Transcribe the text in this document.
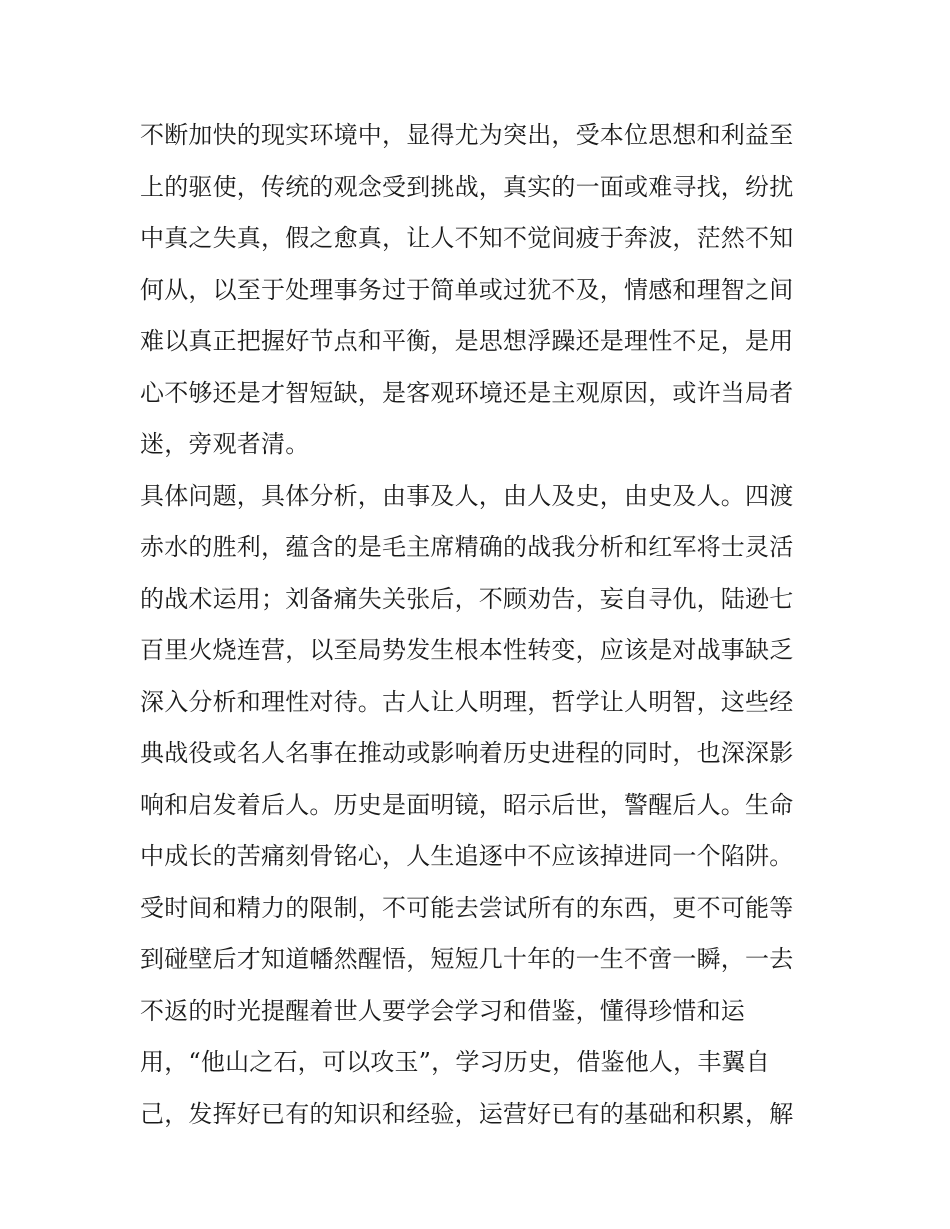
不断加快的现实环境中，显得尤为突出，受本位思想和利益至
上的驱使，传统的观念受到挑战，真实的一面或难寻找，纷扰
中真之失真，假之愈真，让人不知不觉间疲于奔波，茫然不知
何从，以至于处理事务过于简单或过犹不及，情感和理智之间
难以真正把握好节点和平衡，是思想浮躁还是理性不足，是用
心不够还是才智短缺，是客观环境还是主观原因，或许当局者
迷，旁观者清。
具体问题，具体分析，由事及人，由人及史，由史及人。四渡
赤水的胜利，蕴含的是毛主席精确的战我分析和红军将士灵活
的战术运用；刘备痛失关张后，不顾劝告，妄自寻仇，陆逊七
百里火烧连营，以至局势发生根本性转变，应该是对战事缺乏
深入分析和理性对待。古人让人明理，哲学让人明智，这些经
典战役或名人名事在推动或影响着历史进程的同时，也深深影
响和启发着后人。历史是面明镜，昭示后世，警醒后人。生命
中成长的苦痛刻骨铭心，人生追逐中不应该掉进同一个陷阱。
受时间和精力的限制，不可能去尝试所有的东西，更不可能等
到碰壁后才知道幡然醒悟，短短几十年的一生不啻一瞬，一去
不返的时光提醒着世人要学会学习和借鉴，懂得珍惜和运
用，“他山之石，可以攻玉”，学习历史，借鉴他人，丰翼自
己，发挥好已有的知识和经验，运营好已有的基础和积累，解
